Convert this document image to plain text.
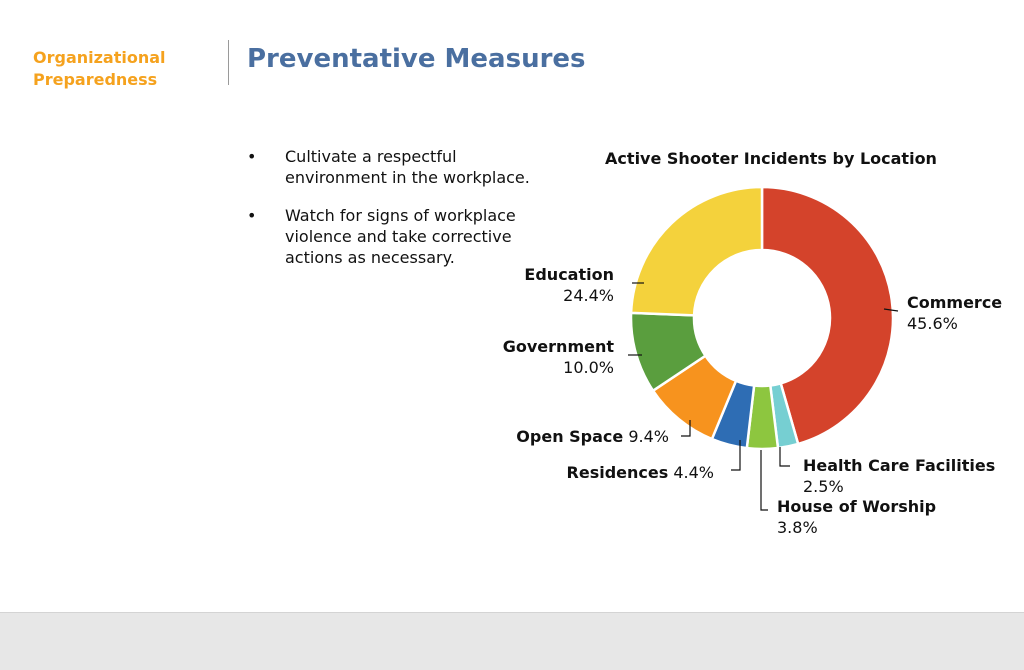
Organizational
Preparedness
Preventative Measures
• Cultivate a respectful environment in the workplace.
• Watch for signs of workplace violence and take corrective actions as necessary.
Active Shooter Incidents by Location
Commerce 45.6%
Health Care Facilities 2.5%
House of Worship 3.8%
Residences 4.4%
Open Space 9.4%
Government 10.0%
Education 24.4%
